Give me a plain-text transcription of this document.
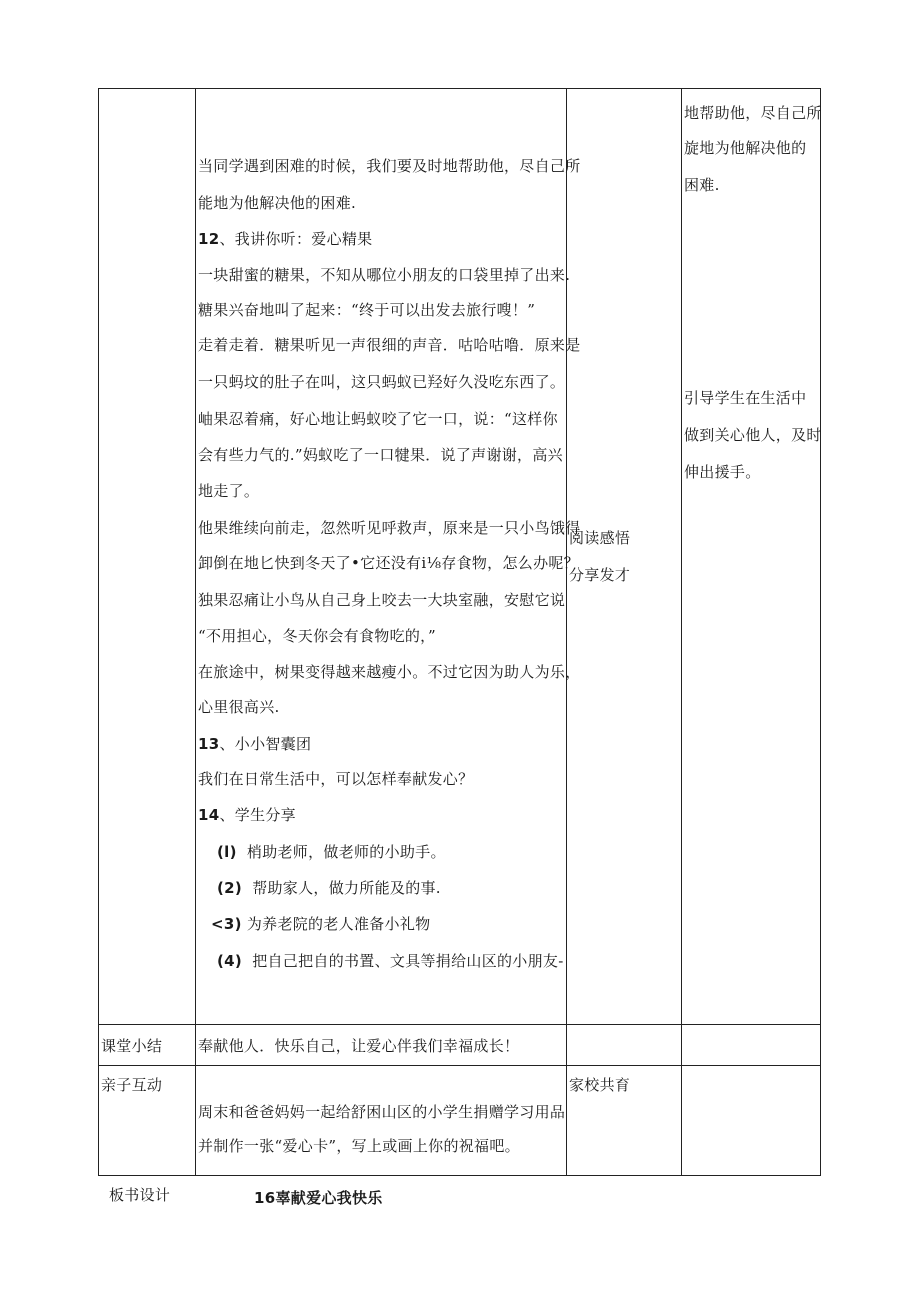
地帮助他，尽自己所
旋地为他解决他的
困难.
当同学遇到困难的时候，我们要及时地帮助他，尽自己所
能地为他解决他的困难.
12、我讲你听：爱心精果
一块甜蜜的糖果，不知从哪位小朋友的口袋里掉了出来.
糖果兴奋地叫了起来：“终于可以出发去旅行嗖！”
走着走着．糖果听见一声很细的声音．咕哈咕噜．原来是
一只蚂坟的肚子在叫，这只蚂蚁已羟好久没吃东西了。
岫果忍着痛，好心地让蚂蚁咬了它一口，说：“这样你
会有些力气的.”妈蚁吃了一口犍果．说了声谢谢，高兴
地走了。
他果维续向前走，忽然听见呼救声，原来是一只小鸟饿得
卸倒在地匕快到冬天了•它还没有i⅛存食物，怎么办呢？
独果忍痛让小鸟从自己身上咬去一大块室融，安慰它说
“不用担心，冬天你会有食物吃的，”
在旅途中，树果变得越来越瘦小。不过它因为助人为乐，
心里很高兴.
13、小小智囊团
我们在日常生活中，可以怎样奉献发心？
14、学生分享
(l) 梢助老师，做老师的小助手。
(2) 帮助家人，做力所能及的事.
<3) 为养老院的老人准备小礼物
(4) 把自己把自的书置、文具等捐给山区的小朋友-
引导学生在生活中
做到关心他人，及时
伸出援手。
阅读感悟
分享发才
课堂小结 奉献他人．快乐自己，让爱心伴我们幸福成长！
亲子互动
周末和爸爸妈妈一起给舒困山区的小学生捐赠学习用品
并制作一张“爱心卡”，写上或画上你的祝福吧。
家校共育
板书设计	16辜献爱心我快乐
